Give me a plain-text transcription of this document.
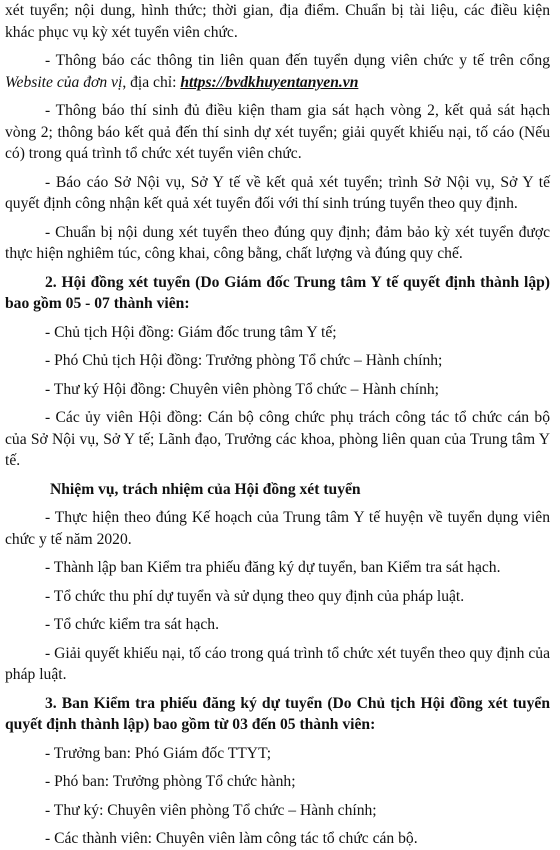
xét tuyển; nội dung, hình thức; thời gian, địa điểm. Chuẩn bị tài liệu, các điều kiện khác phục vụ kỳ xét tuyển viên chức.

- Thông báo các thông tin liên quan đến tuyển dụng viên chức y tế trên cổng Website của đơn vị, địa chỉ: https://bvdkhuyentanyen.vn

- Thông báo thí sinh đủ điều kiện tham gia sát hạch vòng 2, kết quả sát hạch vòng 2; thông báo kết quả đến thí sinh dự xét tuyển; giải quyết khiếu nại, tố cáo (Nếu có) trong quá trình tổ chức xét tuyển viên chức.

- Báo cáo Sở Nội vụ, Sở Y tế về kết quả xét tuyển; trình Sở Nội vụ, Sở Y tế quyết định công nhận kết quả xét tuyển đối với thí sinh trúng tuyển theo quy định.

- Chuẩn bị nội dung xét tuyển theo đúng quy định; đảm bảo kỳ xét tuyển được thực hiện nghiêm túc, công khai, công bằng, chất lượng và đúng quy chế.

2. Hội đồng xét tuyển (Do Giám đốc Trung tâm Y tế quyết định thành lập) bao gồm 05 - 07 thành viên:

- Chủ tịch Hội đồng: Giám đốc trung tâm Y tế;

- Phó Chủ tịch Hội đồng: Trưởng phòng Tổ chức – Hành chính;

- Thư ký Hội đồng: Chuyên viên phòng Tổ chức – Hành chính;

- Các ủy viên Hội đồng: Cán bộ công chức phụ trách công tác tổ chức cán bộ của Sở Nội vụ, Sở Y tế; Lãnh đạo, Trưởng các khoa, phòng liên quan của Trung tâm Y tế.

Nhiệm vụ, trách nhiệm của Hội đồng xét tuyển

- Thực hiện theo đúng Kế hoạch của Trung tâm Y tế huyện về tuyển dụng viên chức y tế năm 2020.

- Thành lập ban Kiểm tra phiếu đăng ký dự tuyển, ban Kiểm tra sát hạch.

- Tổ chức thu phí dự tuyển và sử dụng theo quy định của pháp luật.

- Tổ chức kiểm tra sát hạch.

- Giải quyết khiếu nại, tố cáo trong quá trình tổ chức xét tuyển theo quy định của pháp luật.

3. Ban Kiểm tra phiếu đăng ký dự tuyển (Do Chủ tịch Hội đồng xét tuyển quyết định thành lập) bao gồm từ 03 đến 05 thành viên:

- Trưởng ban: Phó Giám đốc TTYT;

- Phó ban: Trưởng phòng Tổ chức hành;

- Thư ký: Chuyên viên phòng Tổ chức – Hành chính;

- Các thành viên: Chuyên viên làm công tác tổ chức cán bộ.
